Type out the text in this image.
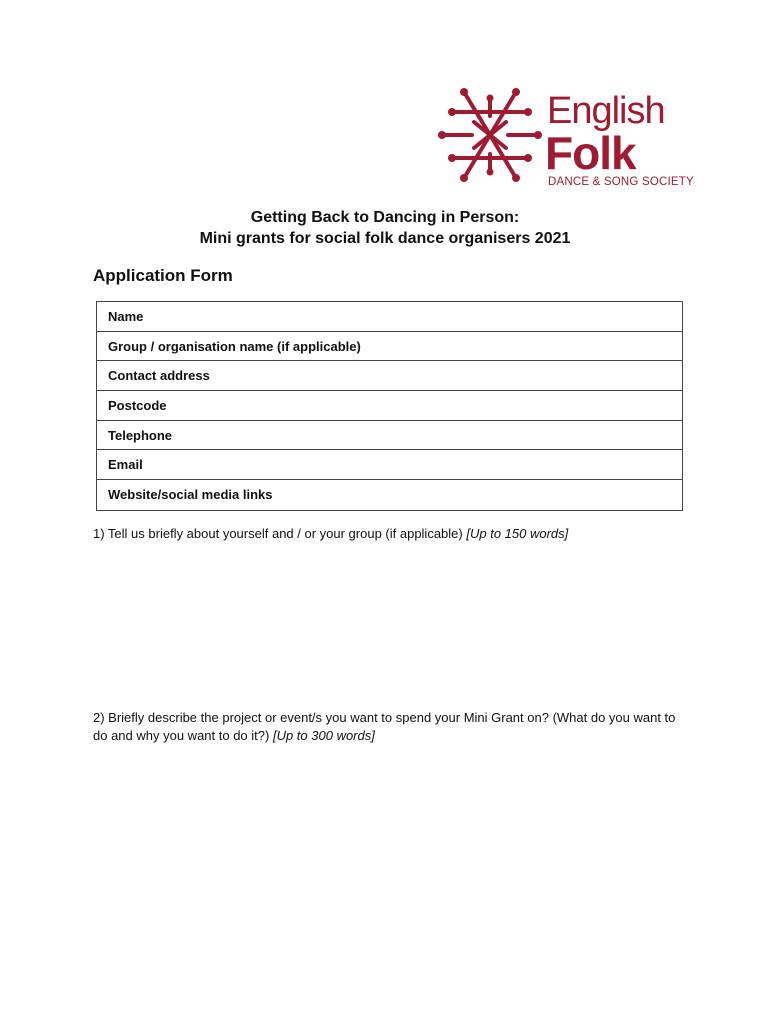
English
Folk
DANCE & SONG SOCIETY
Getting Back to Dancing in Person:
Mini grants for social folk dance organisers 2021
Application Form
Name
Group / organisation name (if applicable)
Contact address
Postcode
Telephone
Email
Website/social media links
1) Tell us briefly about yourself and / or your group (if applicable) [Up to 150 words]
2) Briefly describe the project or event/s you want to spend your Mini Grant on? (What do you want to do and why you want to do it?) [Up to 300 words]
